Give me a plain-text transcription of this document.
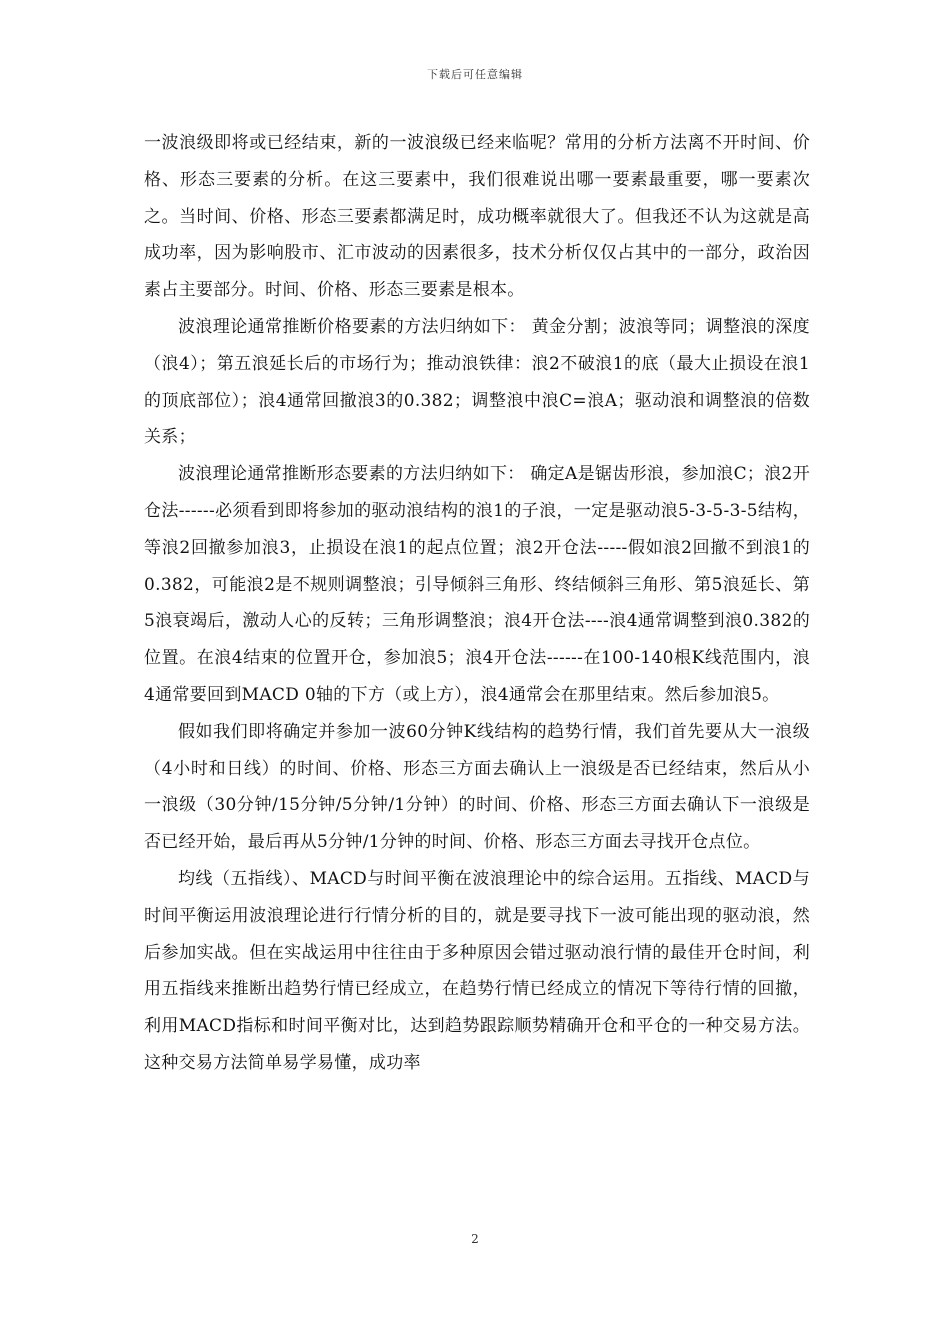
下载后可任意编辑

一波浪级即将或已经结束，新的一波浪级已经来临呢？常用的分析方法离不开时间、价格、形态三要素的分析。在这三要素中，我们很难说出哪一要素最重要，哪一要素次之。当时间、价格、形态三要素都满足时，成功概率就很大了。但我还不认为这就是高成功率，因为影响股市、汇市波动的因素很多，技术分析仅仅占其中的一部分，政治因素占主要部分。时间、价格、形态三要素是根本。

波浪理论通常推断价格要素的方法归纳如下： 黄金分割；波浪等同；调整浪的深度（浪4）；第五浪延长后的市场行为；推动浪铁律：浪2不破浪1的底（最大止损设在浪1的顶底部位）；浪4通常回撤浪3的0.382；调整浪中浪C=浪A；驱动浪和调整浪的倍数关系；

波浪理论通常推断形态要素的方法归纳如下： 确定A是锯齿形浪，参加浪C；浪2开仓法------必须看到即将参加的驱动浪结构的浪1的子浪，一定是驱动浪5-3-5-3-5结构，等浪2回撤参加浪3，止损设在浪1的起点位置；浪2开仓法-----假如浪2回撤不到浪1的0.382，可能浪2是不规则调整浪；引导倾斜三角形、终结倾斜三角形、第5浪延长、第5浪衰竭后，激动人心的反转；三角形调整浪；浪4开仓法----浪4通常调整到浪0.382的位置。在浪4结束的位置开仓，参加浪5；浪4开仓法------在100-140根K线范围内，浪4通常要回到MACD 0轴的下方（或上方），浪4通常会在那里结束。然后参加浪5。

假如我们即将确定并参加一波60分钟K线结构的趋势行情，我们首先要从大一浪级（4小时和日线）的时间、价格、形态三方面去确认上一浪级是否已经结束，然后从小一浪级（30分钟/15分钟/5分钟/1分钟）的时间、价格、形态三方面去确认下一浪级是否已经开始，最后再从5分钟/1分钟的时间、价格、形态三方面去寻找开仓点位。

均线（五指线）、MACD与时间平衡在波浪理论中的综合运用。五指线、MACD与时间平衡运用波浪理论进行行情分析的目的，就是要寻找下一波可能出现的驱动浪，然后参加实战。但在实战运用中往往由于多种原因会错过驱动浪行情的最佳开仓时间，利用五指线来推断出趋势行情已经成立，在趋势行情已经成立的情况下等待行情的回撤，利用MACD指标和时间平衡对比，达到趋势跟踪顺势精确开仓和平仓的一种交易方法。这种交易方法简单易学易懂，成功率

2
